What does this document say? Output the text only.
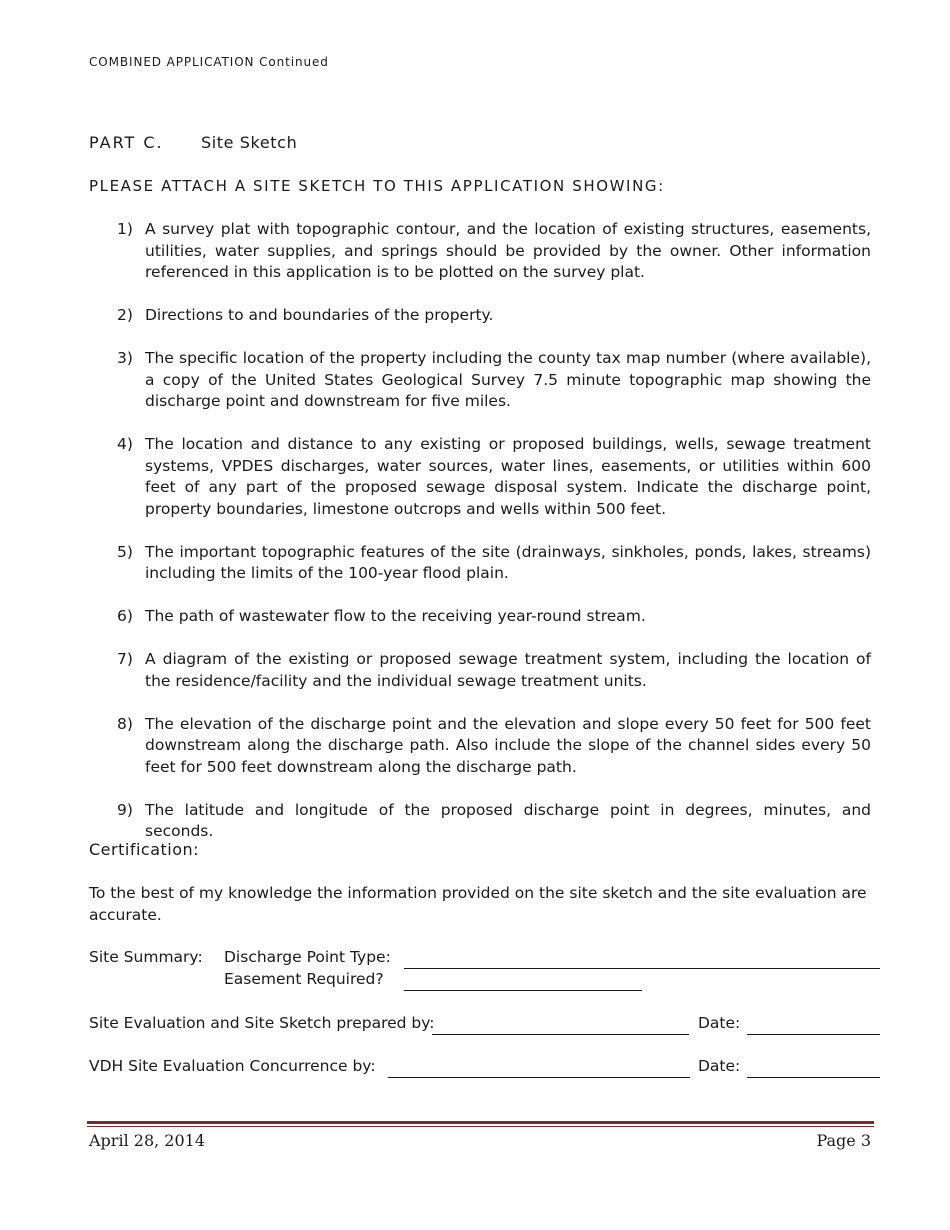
COMBINED APPLICATION Continued
PART C. Site Sketch
PLEASE ATTACH A SITE SKETCH TO THIS APPLICATION SHOWING:
1) A survey plat with topographic contour, and the location of existing structures, easements, utilities, water supplies, and springs should be provided by the owner. Other information referenced in this application is to be plotted on the survey plat.
2) Directions to and boundaries of the property.
3) The specific location of the property including the county tax map number (where available), a copy of the United States Geological Survey 7.5 minute topographic map showing the discharge point and downstream for five miles.
4) The location and distance to any existing or proposed buildings, wells, sewage treatment systems, VPDES discharges, water sources, water lines, easements, or utilities within 600 feet of any part of the proposed sewage disposal system. Indicate the discharge point, property boundaries, limestone outcrops and wells within 500 feet.
5) The important topographic features of the site (drainways, sinkholes, ponds, lakes, streams) including the limits of the 100-year flood plain.
6) The path of wastewater flow to the receiving year-round stream.
7) A diagram of the existing or proposed sewage treatment system, including the location of the residence/facility and the individual sewage treatment units.
8) The elevation of the discharge point and the elevation and slope every 50 feet for 500 feet downstream along the discharge path. Also include the slope of the channel sides every 50 feet for 500 feet downstream along the discharge path.
9) The latitude and longitude of the proposed discharge point in degrees, minutes, and seconds.
Certification:
To the best of my knowledge the information provided on the site sketch and the site evaluation are accurate.
Site Summary: Discharge Point Type:
Easement Required?
Site Evaluation and Site Sketch prepared by:	Date:
VDH Site Evaluation Concurrence by:	Date:
April 28, 2014	Page 3
